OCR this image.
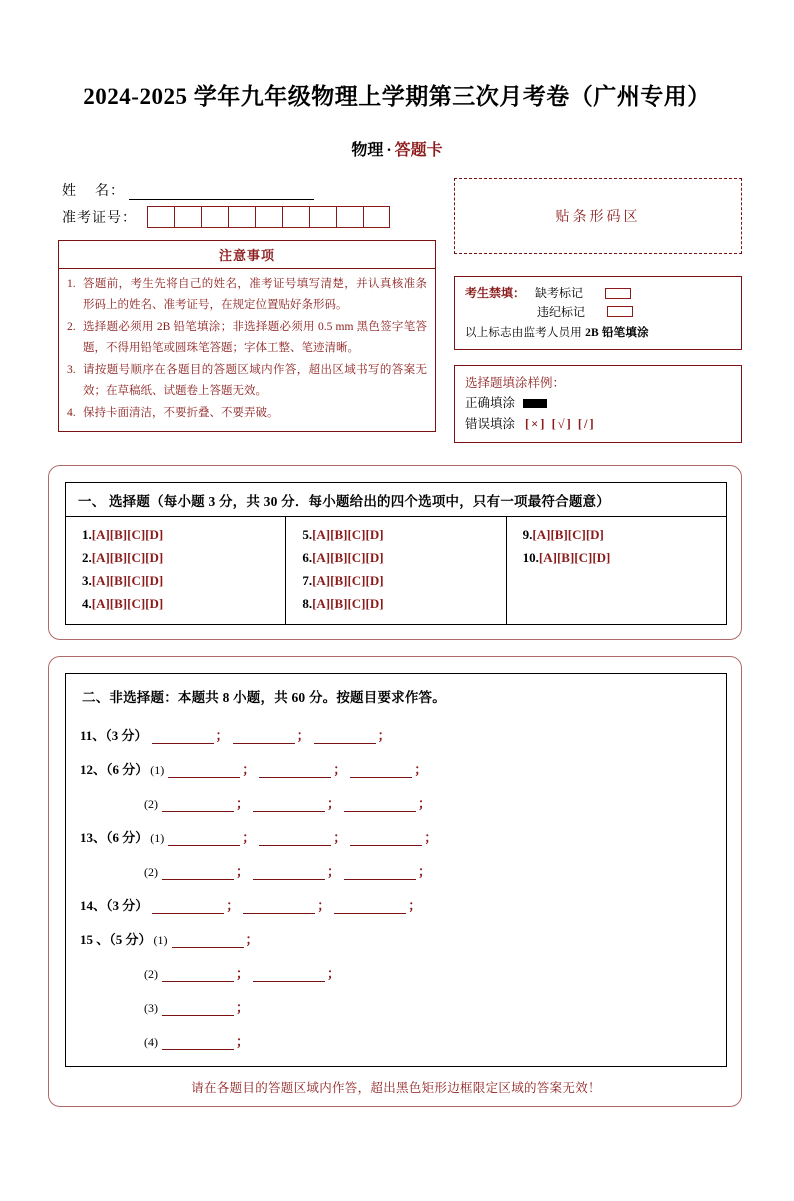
2024-2025 学年九年级物理上学期第三次月考卷（广州专用）
物理 · 答题卡
姓    名：
准考证号：
注意事项
1. 答题前，考生先将自己的姓名，准考证号填写清楚，并认真核准条形码上的姓名、准考证号，在规定位置贴好条形码。
2. 选择题必须用 2B 铅笔填涂；非选择题必须用 0.5 mm 黑色签字笔答题，不得用铅笔或圆珠笔答题；字体工整、笔迹清晰。
3. 请按题号顺序在各题目的答题区域内作答，超出区域书写的答案无效；在草稿纸、试题卷上答题无效。
4. 保持卡面清洁，不要折叠、不要弄破。
贴条形码区
考生禁填： 缺考标记
违纪标记
以上标志由监考人员用 2B 铅笔填涂
选择题填涂样例：
正确填涂
错误填涂 [×] [√] [/]
一、 选择题（每小题 3 分，共 30 分．每小题给出的四个选项中，只有一项最符合题意）
1.[A][B][C][D]
2.[A][B][C][D]
3.[A][B][C][D]
4.[A][B][C][D]
5.[A][B][C][D]
6.[A][B][C][D]
7.[A][B][C][D]
8.[A][B][C][D]
9.[A][B][C][D]
10.[A][B][C][D]
二、非选择题：本题共 8 小题，共 60 分。按题目要求作答。
11、（3 分）	；	；	；
12、（6 分） (1)	；	；	；
(2)	；	；	；
13、（6 分） (1)	；	；	；
(2)	；	；	；
14、（3 分）	；	；	；
15 、（5 分） (1)	；
(2)	；	；
(3)	；
(4)	；
请在各题目的答题区域内作答，超出黑色矩形边框限定区域的答案无效！
